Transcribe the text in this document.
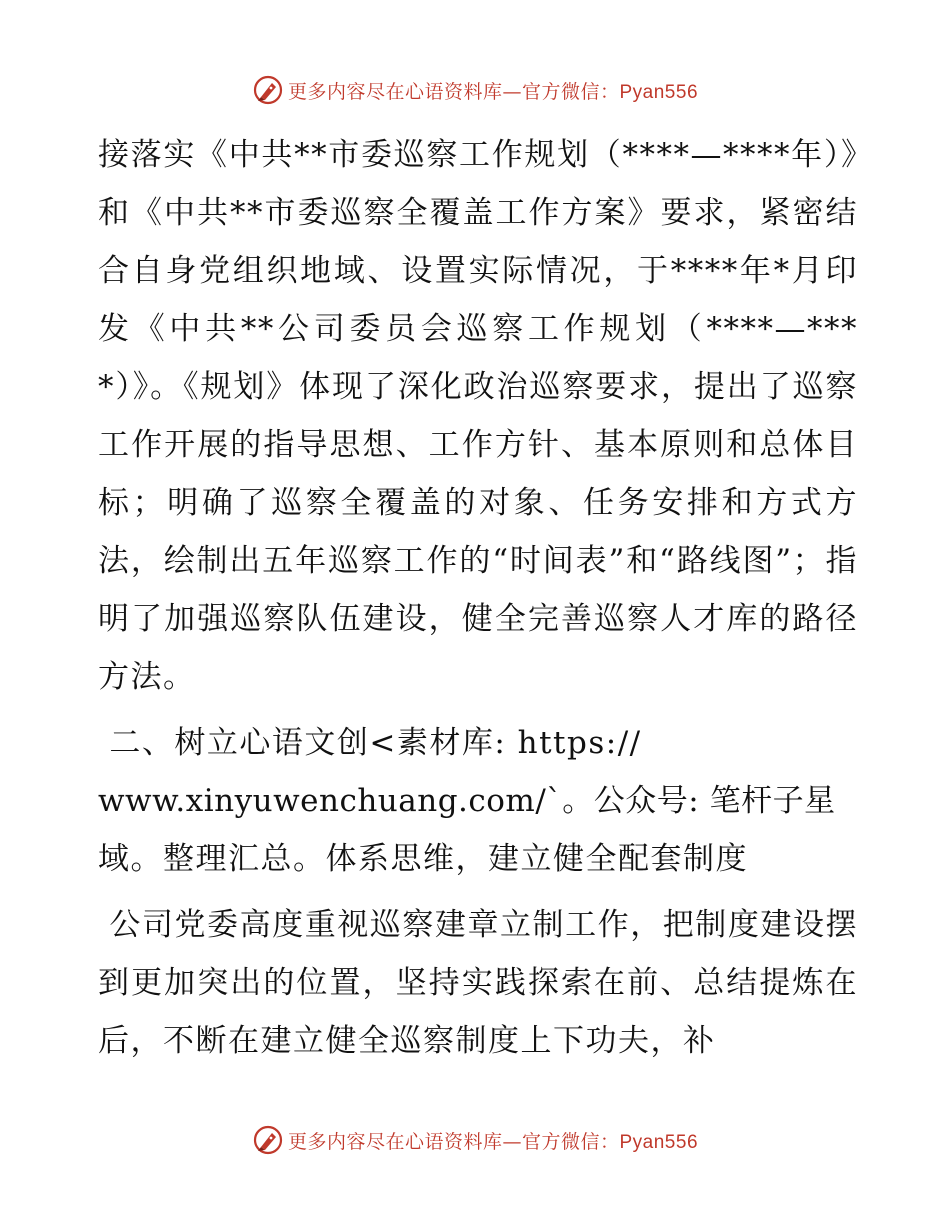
更多内容尽在心语资料库—官方微信：Pyan556

接落实《中共**市委巡察工作规划（****—****年）》和《中共**市委巡察全覆盖工作方案》要求，紧密结合自身党组织地域、设置实际情况，于****年*月印发《中共**公司委员会巡察工作规划（****—****）》。《规划》体现了深化政治巡察要求，提出了巡察工作开展的指导思想、工作方针、基本原则和总体目标；明确了巡察全覆盖的对象、任务安排和方式方法，绘制出五年巡察工作的“时间表”和“路线图”；指明了加强巡察队伍建设，健全完善巡察人才库的路径方法。

二、树立心语文创<素材库: https://
www.xinyuwenchuang.com/`。公众号: 笔杆子星
域。整理汇总。体系思维，建立健全配套制度

公司党委高度重视巡察建章立制工作，把制度建设摆到更加突出的位置，坚持实践探索在前、总结提炼在后，不断在建立健全巡察制度上下功夫，补

更多内容尽在心语资料库—官方微信：Pyan556
